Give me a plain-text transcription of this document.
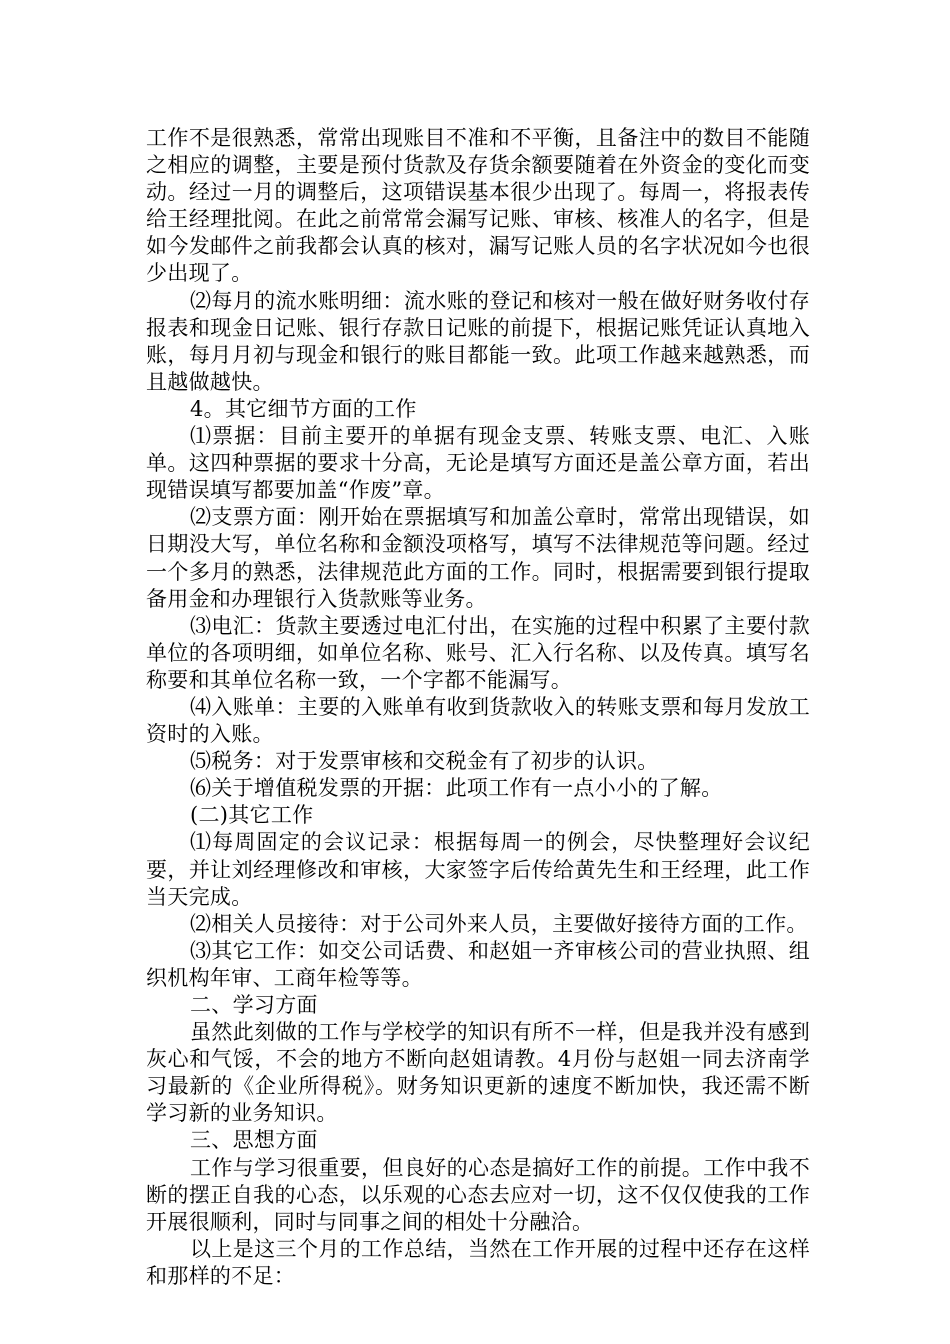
工作不是很熟悉，常常出现账目不准和不平衡，且备注中的数目不能随之相应的调整，主要是预付货款及存货余额要随着在外资金的变化而变动。经过一月的调整后，这项错误基本很少出现了。每周一，将报表传给王经理批阅。在此之前常常会漏写记账、审核、核准人的名字，但是如今发邮件之前我都会认真的核对，漏写记账人员的名字状况如今也很少出现了。

⑵每月的流水账明细：流水账的登记和核对一般在做好财务收付存报表和现金日记账、银行存款日记账的前提下，根据记账凭证认真地入账，每月月初与现金和银行的账目都能一致。此项工作越来越熟悉，而且越做越快。

4。其它细节方面的工作

⑴票据：目前主要开的单据有现金支票、转账支票、电汇、入账单。这四种票据的要求十分高，无论是填写方面还是盖公章方面，若出现错误填写都要加盖“作废”章。

⑵支票方面：刚开始在票据填写和加盖公章时，常常出现错误，如日期没大写，单位名称和金额没项格写，填写不法律规范等问题。经过一个多月的熟悉，法律规范此方面的工作。同时，根据需要到银行提取备用金和办理银行入货款账等业务。

⑶电汇：货款主要透过电汇付出，在实施的过程中积累了主要付款单位的各项明细，如单位名称、账号、汇入行名称、以及传真。填写名称要和其单位名称一致，一个字都不能漏写。

⑷入账单：主要的入账单有收到货款收入的转账支票和每月发放工资时的入账。

⑸税务：对于发票审核和交税金有了初步的认识。

⑹关于增值税发票的开据：此项工作有一点小小的了解。

(二)其它工作

⑴每周固定的会议记录：根据每周一的例会，尽快整理好会议纪要，并让刘经理修改和审核，大家签字后传给黄先生和王经理，此工作当天完成。

⑵相关人员接待：对于公司外来人员，主要做好接待方面的工作。

⑶其它工作：如交公司话费、和赵姐一齐审核公司的营业执照、组织机构年审、工商年检等等。

二、学习方面

虽然此刻做的工作与学校学的知识有所不一样，但是我并没有感到灰心和气馁，不会的地方不断向赵姐请教。4月份与赵姐一同去济南学习最新的《企业所得税》。财务知识更新的速度不断加快，我还需不断学习新的业务知识。

三、思想方面

工作与学习很重要，但良好的心态是搞好工作的前提。工作中我不断的摆正自我的心态，以乐观的心态去应对一切，这不仅仅使我的工作开展很顺利，同时与同事之间的相处十分融洽。

以上是这三个月的工作总结，当然在工作开展的过程中还存在这样和那样的不足：
